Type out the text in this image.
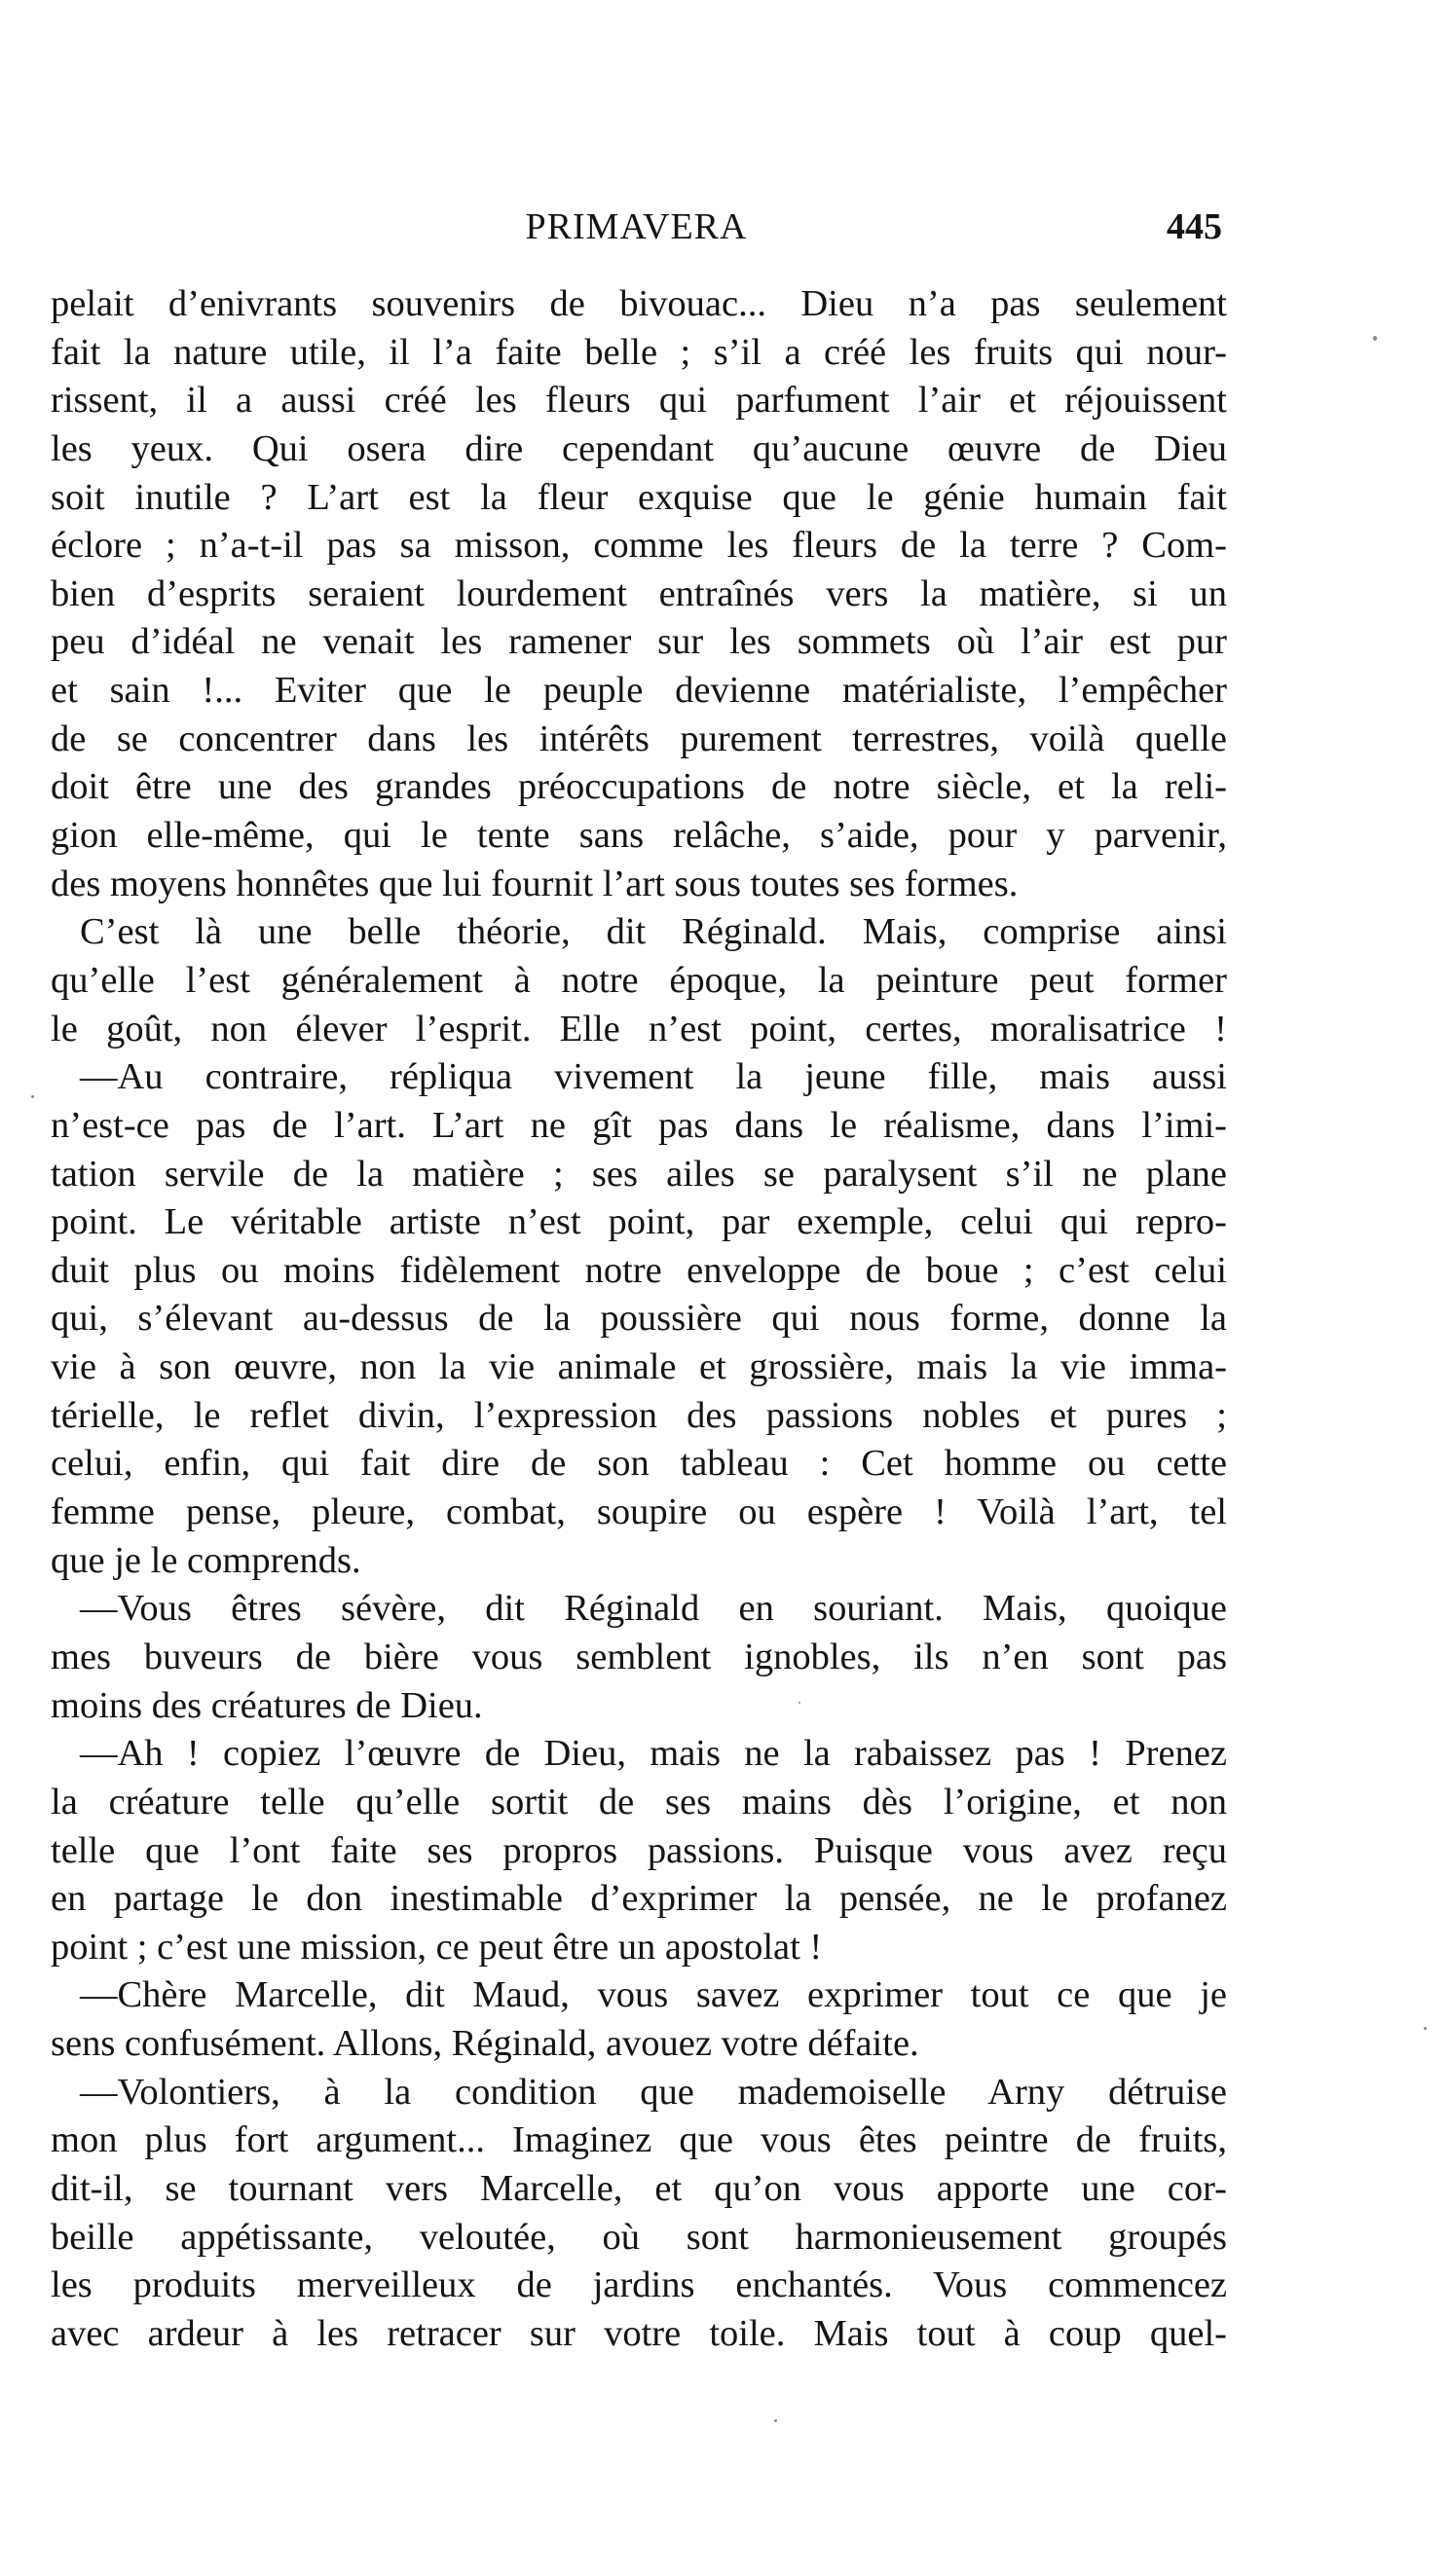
PRIMAVERA	445
pelait d’enivrants souvenirs de bivouac... Dieu n’a pas seulement
fait la nature utile, il l’a faite belle ; s’il a créé les fruits qui nour-
rissent, il a aussi créé les fleurs qui parfument l’air et réjouissent
les yeux. Qui osera dire cependant qu’aucune œuvre de Dieu
soit inutile ? L’art est la fleur exquise que le génie humain fait
éclore ; n’a-t-il pas sa misson, comme les fleurs de la terre ? Com-
bien d’esprits seraient lourdement entraînés vers la matière, si un
peu d’idéal ne venait les ramener sur les sommets où l’air est pur
et sain !... Eviter que le peuple devienne matérialiste, l’empêcher
de se concentrer dans les intérêts purement terrestres, voilà quelle
doit être une des grandes préoccupations de notre siècle, et la reli-
gion elle-même, qui le tente sans relâche, s’aide, pour y parvenir,
des moyens honnêtes que lui fournit l’art sous toutes ses formes.
C’est là une belle théorie, dit Réginald. Mais, comprise ainsi
qu’elle l’est généralement à notre époque, la peinture peut former
le goût, non élever l’esprit. Elle n’est point, certes, moralisatrice !
—Au contraire, répliqua vivement la jeune fille, mais aussi
n’est-ce pas de l’art. L’art ne gît pas dans le réalisme, dans l’imi-
tation servile de la matière ; ses ailes se paralysent s’il ne plane
point. Le véritable artiste n’est point, par exemple, celui qui repro-
duit plus ou moins fidèlement notre enveloppe de boue ; c’est celui
qui, s’élevant au-dessus de la poussière qui nous forme, donne la
vie à son œuvre, non la vie animale et grossière, mais la vie imma-
térielle, le reflet divin, l’expression des passions nobles et pures ;
celui, enfin, qui fait dire de son tableau : Cet homme ou cette
femme pense, pleure, combat, soupire ou espère ! Voilà l’art, tel
que je le comprends.
—Vous êtres sévère, dit Réginald en souriant. Mais, quoique
mes buveurs de bière vous semblent ignobles, ils n’en sont pas
moins des créatures de Dieu.
—Ah ! copiez l’œuvre de Dieu, mais ne la rabaissez pas ! Prenez
la créature telle qu’elle sortit de ses mains dès l’origine, et non
telle que l’ont faite ses propros passions. Puisque vous avez reçu
en partage le don inestimable d’exprimer la pensée, ne le profanez
point ; c’est une mission, ce peut être un apostolat !
—Chère Marcelle, dit Maud, vous savez exprimer tout ce que je
sens confusément. Allons, Réginald, avouez votre défaite.
—Volontiers, à la condition que mademoiselle Arny détruise
mon plus fort argument... Imaginez que vous êtes peintre de fruits,
dit-il, se tournant vers Marcelle, et qu’on vous apporte une cor-
beille appétissante, veloutée, où sont harmonieusement groupés
les produits merveilleux de jardins enchantés. Vous commencez
avec ardeur à les retracer sur votre toile. Mais tout à coup quel-
